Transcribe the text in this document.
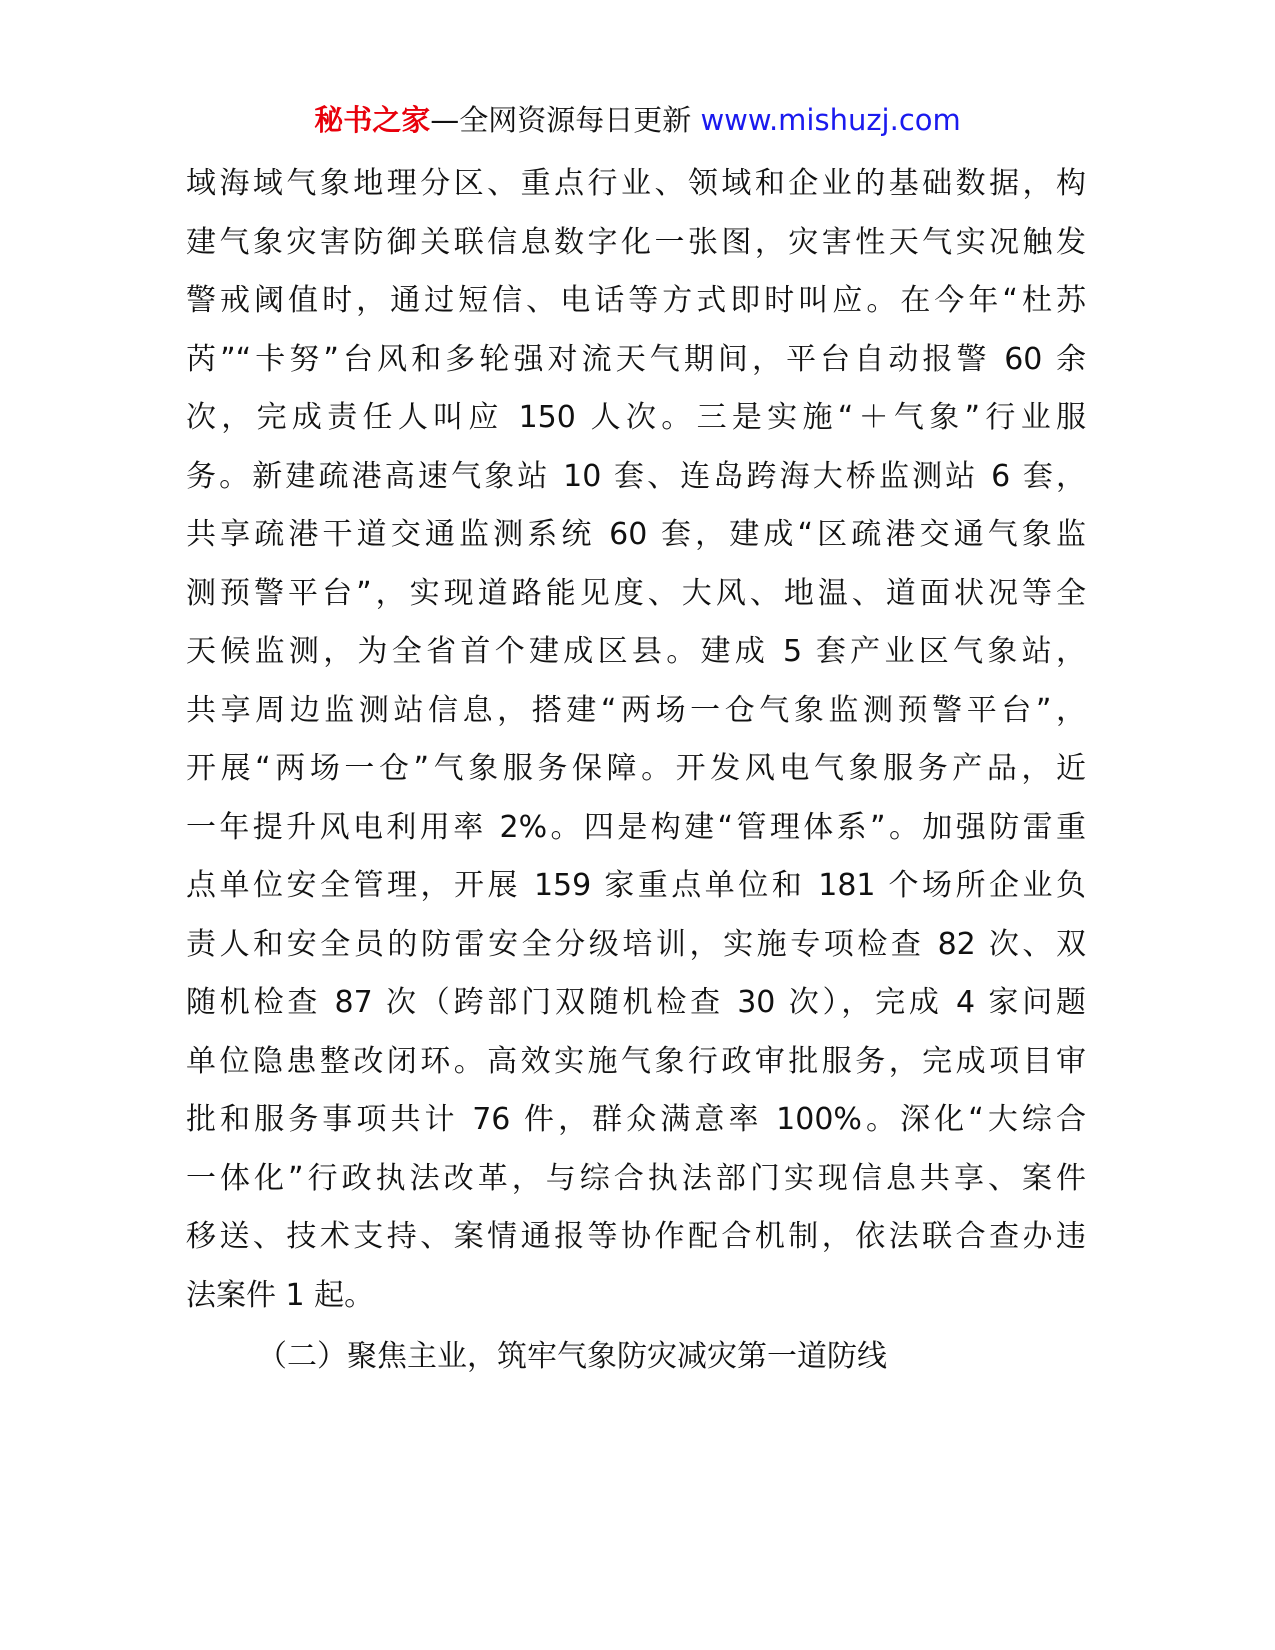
秘书之家—全网资源每日更新 www.mishuzj.com
域海域气象地理分区、重点行业、领域和企业的基础数据，构
建气象灾害防御关联信息数字化一张图，灾害性天气实况触发
警戒阈值时，通过短信、电话等方式即时叫应。在今年“杜苏
芮”“卡努”台风和多轮强对流天气期间，平台自动报警 60 余
次，完成责任人叫应 150 人次。三是实施“＋气象”行业服
务。新建疏港高速气象站 10 套、连岛跨海大桥监测站 6 套，
共享疏港干道交通监测系统 60 套，建成“区疏港交通气象监
测预警平台”，实现道路能见度、大风、地温、道面状况等全
天候监测，为全省首个建成区县。建成 5 套产业区气象站，
共享周边监测站信息，搭建“两场一仓气象监测预警平台”，
开展“两场一仓”气象服务保障。开发风电气象服务产品，近
一年提升风电利用率 2%。四是构建“管理体系”。加强防雷重
点单位安全管理，开展 159 家重点单位和 181 个场所企业负
责人和安全员的防雷安全分级培训，实施专项检查 82 次、双
随机检查 87 次（跨部门双随机检查 30 次），完成 4 家问题
单位隐患整改闭环。高效实施气象行政审批服务，完成项目审
批和服务事项共计 76 件，群众满意率 100%。深化“大综合
一体化”行政执法改革，与综合执法部门实现信息共享、案件
移送、技术支持、案情通报等协作配合机制，依法联合查办违
法案件 1 起。
（二）聚焦主业，筑牢气象防灾减灾第一道防线
